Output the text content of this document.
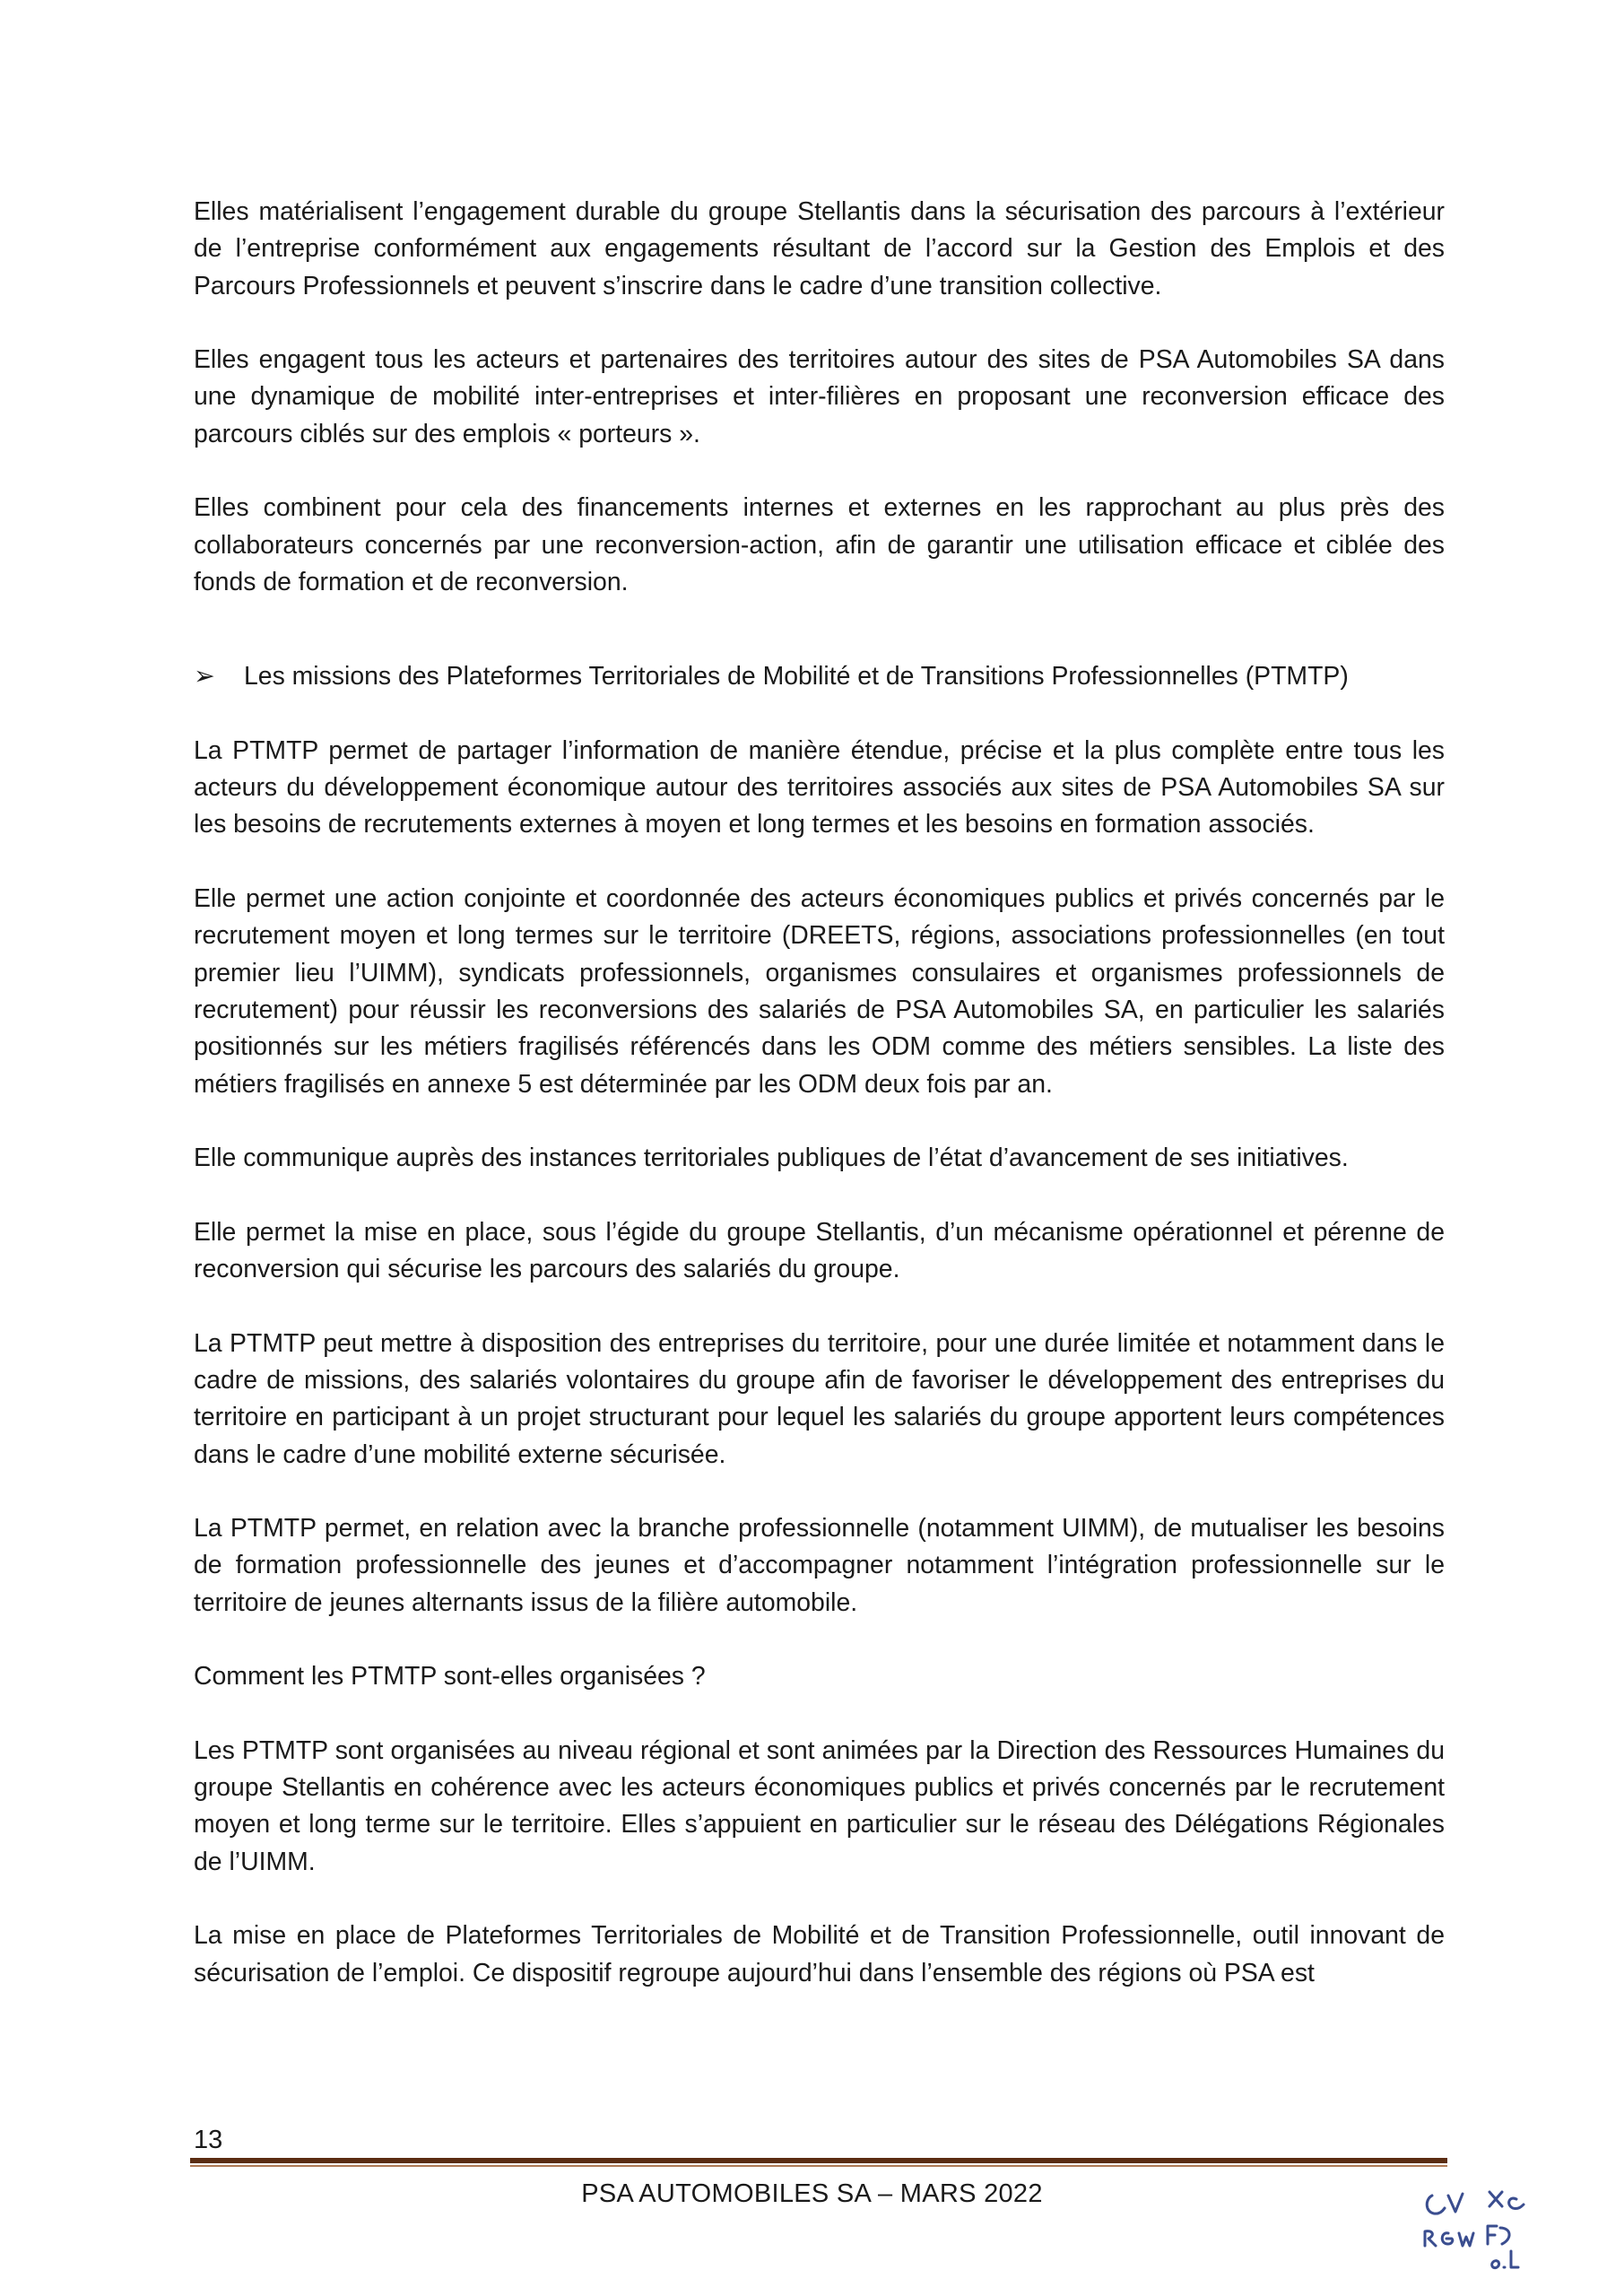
Elles matérialisent l’engagement durable du groupe Stellantis dans la sécurisation des parcours à l’extérieur de l’entreprise conformément aux engagements résultant de l’accord sur la Gestion des Emplois et des Parcours Professionnels et peuvent s’inscrire dans le cadre d’une transition collective.

Elles engagent tous les acteurs et partenaires des territoires autour des sites de PSA Automobiles SA dans une dynamique de mobilité inter-entreprises et inter-filières en proposant une reconversion efficace des parcours ciblés sur des emplois « porteurs ».

Elles combinent pour cela des financements internes et externes en les rapprochant au plus près des collaborateurs concernés par une reconversion-action, afin de garantir une utilisation efficace et ciblée des fonds de formation et de reconversion.

➢	Les missions des Plateformes Territoriales de Mobilité et de Transitions Professionnelles (PTMTP)

La PTMTP permet de partager l’information de manière étendue, précise et la plus complète entre tous les acteurs du développement économique autour des territoires associés aux sites de PSA Automobiles SA sur les besoins de recrutements externes à moyen et long termes et les besoins en formation associés.

Elle permet une action conjointe et coordonnée des acteurs économiques publics et privés concernés par le recrutement moyen et long termes sur le territoire (DREETS, régions, associations professionnelles (en tout premier lieu l’UIMM), syndicats professionnels, organismes consulaires et organismes professionnels de recrutement) pour réussir les reconversions des salariés de PSA Automobiles SA, en particulier les salariés positionnés sur les métiers fragilisés référencés dans les ODM comme des métiers sensibles. La liste des métiers fragilisés en annexe 5 est déterminée par les ODM deux fois par an.

Elle communique auprès des instances territoriales publiques de l’état d’avancement de ses initiatives.

Elle permet la mise en place, sous l’égide du groupe Stellantis, d’un mécanisme opérationnel et pérenne de reconversion qui sécurise les parcours des salariés du groupe.

La PTMTP peut mettre à disposition des entreprises du territoire, pour une durée limitée et notamment dans le cadre de missions, des salariés volontaires du groupe afin de favoriser le développement des entreprises du territoire en participant à un projet structurant pour lequel les salariés du groupe apportent leurs compétences dans le cadre d’une mobilité externe sécurisée.

La PTMTP permet, en relation avec la branche professionnelle (notamment UIMM), de mutualiser les besoins de formation professionnelle des jeunes et d’accompagner notamment l’intégration professionnelle sur le territoire de jeunes alternants issus de la filière automobile.

Comment les PTMTP sont-elles organisées ?

Les PTMTP sont organisées au niveau régional et sont animées par la Direction des Ressources Humaines du groupe Stellantis en cohérence avec les acteurs économiques publics et privés concernés par le recrutement moyen et long terme sur le territoire. Elles s’appuient en particulier sur le réseau des Délégations Régionales de l’UIMM.

La mise en place de Plateformes Territoriales de Mobilité et de Transition Professionnelle, outil innovant de sécurisation de l’emploi. Ce dispositif regroupe aujourd’hui dans l’ensemble des régions où PSA est

13
PSA AUTOMOBILES SA – MARS 2022
